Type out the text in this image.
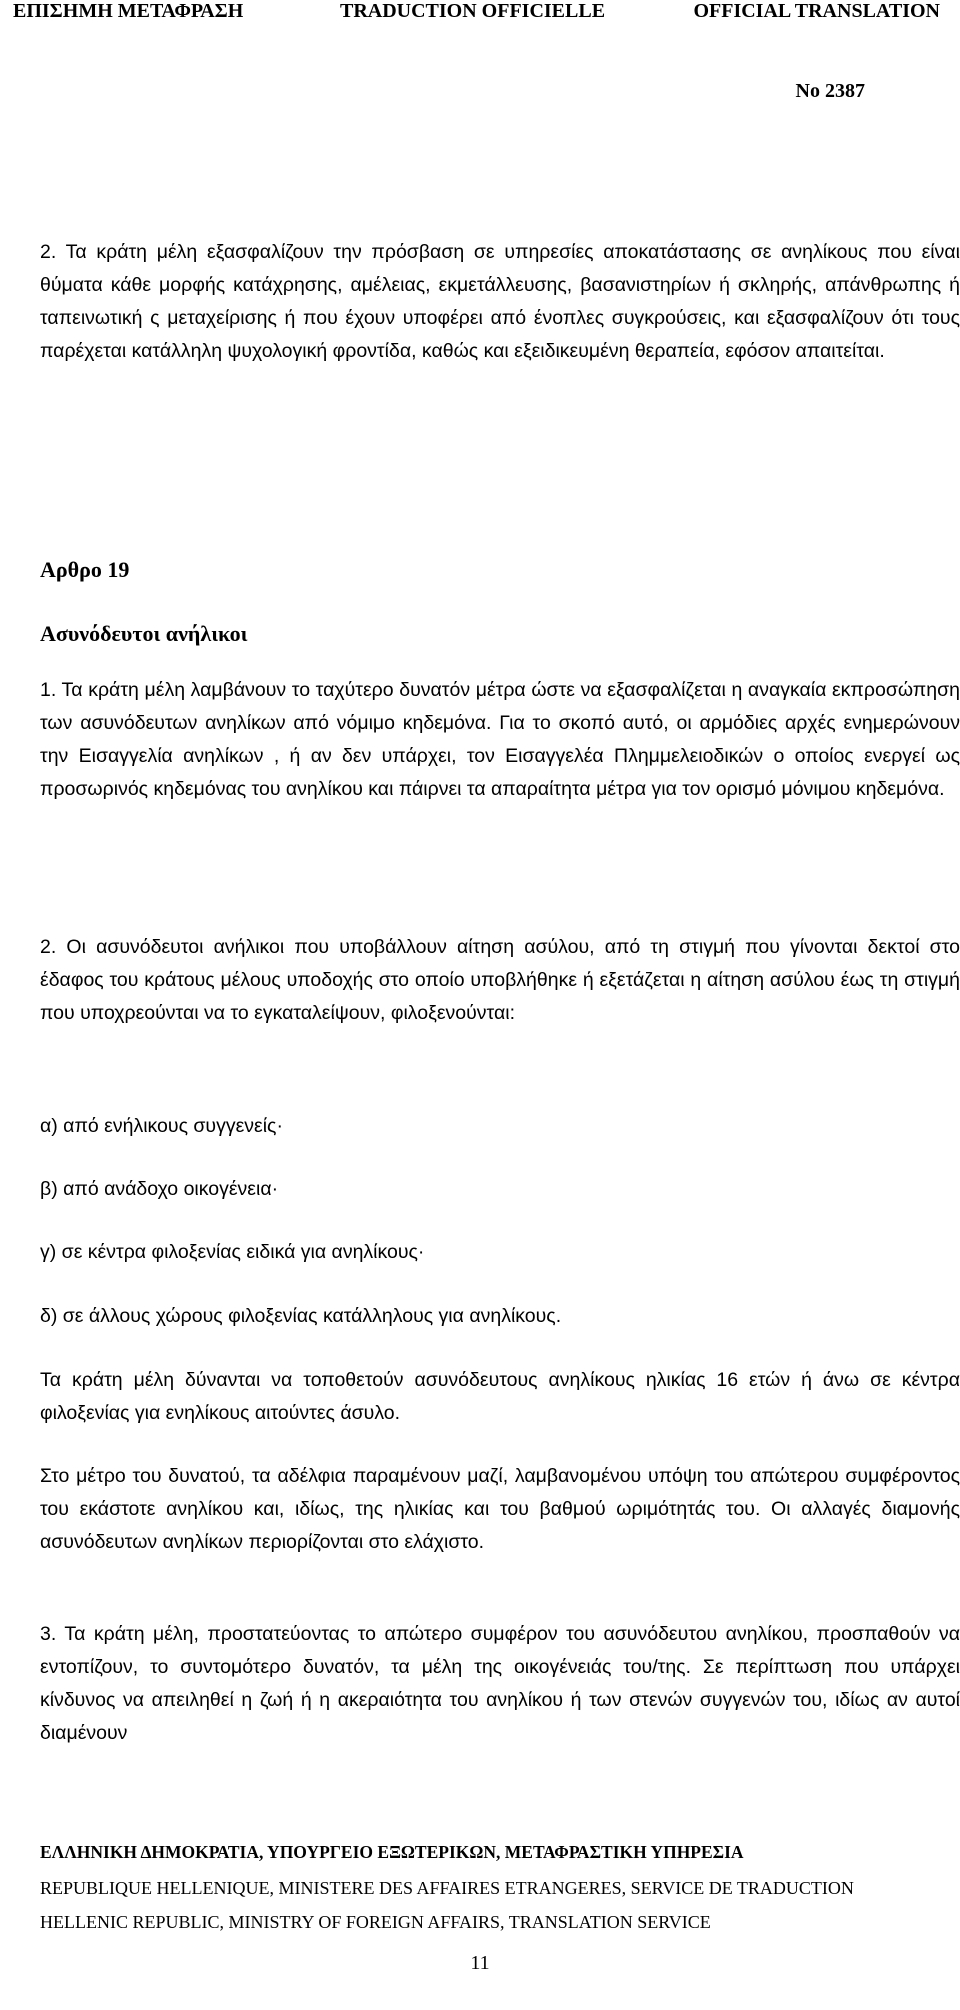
ΕΠΙΣΗΜΗ ΜΕΤΑΦΡΑΣΗ	TRADUCTION OFFICIELLE	OFFICIAL TRANSLATION
Νο 2387

2. Τα κράτη μέλη εξασφαλίζουν την πρόσβαση σε υπηρεσίες αποκατάστασης σε ανηλίκους που είναι θύματα κάθε μορφής κατάχρησης, αμέλειας, εκμετάλλευσης, βασανιστηρίων ή σκληρής, απάνθρωπης ή ταπεινωτική ς μεταχείρισης ή που έχουν υποφέρει από ένοπλες συγκρούσεις, και εξασφαλίζουν ότι τους παρέχεται κατάλληλη ψυχολογική φροντίδα, καθώς και εξειδικευμένη θεραπεία, εφόσον απαιτείται.

Αρθρο 19
Ασυνόδευτοι ανήλικοι

1. Τα κράτη μέλη λαμβάνουν το ταχύτερο δυνατόν μέτρα ώστε να εξασφαλίζεται η αναγκαία εκπροσώπηση των ασυνόδευτων ανηλίκων από νόμιμο κηδεμόνα. Για το σκοπό αυτό, οι αρμόδιες αρχές ενημερώνουν την Εισαγγελία ανηλίκων , ή αν δεν υπάρχει, τον Εισαγγελέα Πλημμελειοδικών ο οποίος ενεργεί ως προσωρινός κηδεμόνας του ανηλίκου και πάιρνει τα απαραίτητα μέτρα για τον ορισμό μόνιμου κηδεμόνα.

2. Οι ασυνόδευτοι ανήλικοι που υποβάλλουν αίτηση ασύλου, από τη στιγμή που γίνονται δεκτοί στο έδαφος του κράτους μέλους υποδοχής στο οποίο υποβλήθηκε ή εξετάζεται η αίτηση ασύλου έως τη στιγμή που υποχρεούνται να το εγκαταλείψουν, φιλοξενούνται:

α) από ενήλικους συγγενείς·

β) από ανάδοχο οικογένεια·

γ) σε κέντρα φιλοξενίας ειδικά για ανηλίκους·

δ) σε άλλους χώρους φιλοξενίας κατάλληλους για ανηλίκους.

Τα κράτη μέλη δύνανται να τοποθετούν ασυνόδευτους ανηλίκους ηλικίας 16 ετών ή άνω σε κέντρα φιλοξενίας για ενηλίκους αιτούντες άσυλο.

Στο μέτρο του δυνατού, τα αδέλφια παραμένουν μαζί, λαμβανομένου υπόψη του απώτερου συμφέροντος του εκάστοτε ανηλίκου και, ιδίως, της ηλικίας και του βαθμού ωριμότητάς του. Οι αλλαγές διαμονής ασυνόδευτων ανηλίκων περιορίζονται στο ελάχιστο.

3. Τα κράτη μέλη, προστατεύοντας το απώτερο συμφέρον του ασυνόδευτου ανηλίκου, προσπαθούν να εντοπίζουν, το συντομότερο δυνατόν, τα μέλη της οικογένειάς του/της. Σε περίπτωση που υπάρχει κίνδυνος να απειληθεί η ζωή ή η ακεραιότητα του ανηλίκου ή των στενών συγγενών του, ιδίως αν αυτοί διαμένουν

ΕΛΛΗΝΙΚΗ ΔΗΜΟΚΡΑΤΙΑ, ΥΠΟΥΡΓΕΙΟ ΕΞΩΤΕΡΙΚΩΝ, ΜΕΤΑΦΡΑΣΤΙΚΗ ΥΠΗΡΕΣΙΑ
REPUBLIQUE HELLENIQUE, MINISTERE DES AFFAIRES ETRANGERES, SERVICE DE TRADUCTION
HELLENIC REPUBLIC, MINISTRY OF FOREIGN AFFAIRS, TRANSLATION SERVICE
11
